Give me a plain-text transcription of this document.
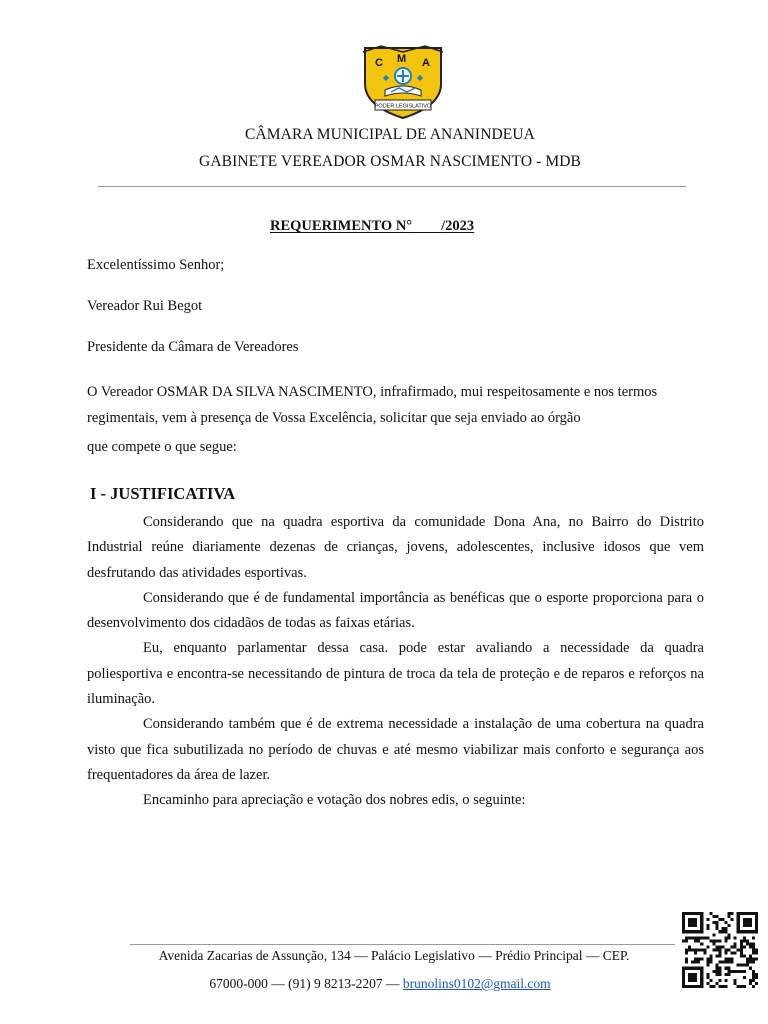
C M A
PODER LEGISLATIVO
CÂMARA MUNICIPAL DE ANANINDEUA
GABINETE VEREADOR OSMAR NASCIMENTO - MDB
REQUERIMENTO N° /2023
Excelentíssimo Senhor;
Vereador Rui Begot
Presidente da Câmara de Vereadores
O Vereador OSMAR DA SILVA NASCIMENTO, infrafirmado, mui respeitosamente e nos termos
regimentais, vem à presença de Vossa Excelência, solicitar que seja enviado ao órgão
que compete o que segue:
I - JUSTIFICATIVA

Considerando que na quadra esportiva da comunidade Dona Ana, no Bairro do Distrito Industrial reúne diariamente dezenas de crianças, jovens, adolescentes, inclusive idosos que vem desfrutando das atividades esportivas.

Considerando que é de fundamental importância as benéficas que o esporte proporciona para o desenvolvimento dos cidadãos de todas as faixas etárias.

Eu, enquanto parlamentar dessa casa. pode estar avaliando a necessidade da quadra poliesportiva e encontra-se necessitando de pintura de troca da tela de proteção e de reparos e reforços na iluminação.

Considerando também que é de extrema necessidade a instalação de uma cobertura na quadra visto que fica subutilizada no período de chuvas e até mesmo viabilizar mais conforto e segurança aos frequentadores da área de lazer.

Encaminho para apreciação e votação dos nobres edis, o seguinte:

Avenida Zacarias de Assunção, 134 — Palácio Legislativo — Prédio Principal — CEP.
67000-000 — (91) 9 8213-2207 — brunolins0102@gmail.com
